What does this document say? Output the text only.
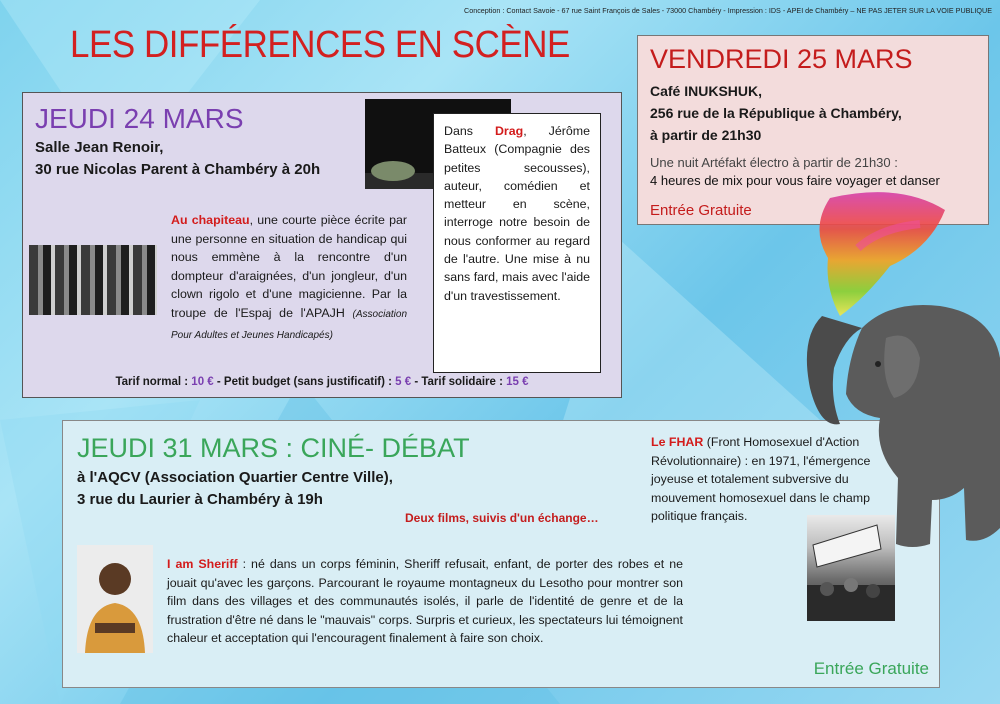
Conception : Contact Savoie - 67 rue Saint François de Sales - 73000 Chambéry - Impression : IDS - APEI de Chambéry – NE PAS JETER SUR LA VOIE PUBLIQUE
LES DIFFÉRENCES EN SCÈNE
JEUDI 24 MARS
Salle Jean Renoir,
30 rue Nicolas Parent à Chambéry à 20h
Au chapiteau, une courte pièce écrite par une personne en situation de handicap qui nous emmène à la rencontre d'un dompteur d'araignées, d'un jongleur, d'un clown rigolo et d'une magicienne. Par la troupe de l'Espaj de l'APAJH (Association Pour Adultes et Jeunes Handicapés)
Dans Drag, Jérôme Batteux (Compagnie des petites secousses), auteur, comédien et metteur en scène, interroge notre besoin de nous conformer au regard de l'autre. Une mise à nu sans fard, mais avec l'aide d'un travestissement.
Tarif normal : 10 € - Petit budget (sans justificatif) : 5 € - Tarif solidaire : 15 €
VENDREDI 25 MARS
Café INUKSHUK,
256 rue de la République à Chambéry,
à partir de 21h30
Une nuit Artéfakt électro à partir de 21h30 :
4 heures de mix pour vous faire voyager et danser
Entrée Gratuite
JEUDI 31 MARS : CINÉ- DÉBAT
à l'AQCV (Association Quartier Centre Ville),
3 rue du Laurier à Chambéry à 19h
Deux films, suivis d'un échange…
Le FHAR (Front Homosexuel d'Action Révolutionnaire) : en 1971, l'émergence joyeuse et totalement subversive du mouvement homosexuel dans le champ politique français.
I am Sheriff : né dans un corps féminin, Sheriff refusait, enfant, de porter des robes et ne jouait qu'avec les garçons. Parcourant le royaume montagneux du Lesotho pour montrer son film dans des villages et des communautés isolés, il parle de l'identité de genre et de la frustration d'être né dans le "mauvais" corps. Surpris et curieux, les spectateurs lui témoignent chaleur et acceptation qui l'encouragent finalement à faire son choix.
Entrée Gratuite
